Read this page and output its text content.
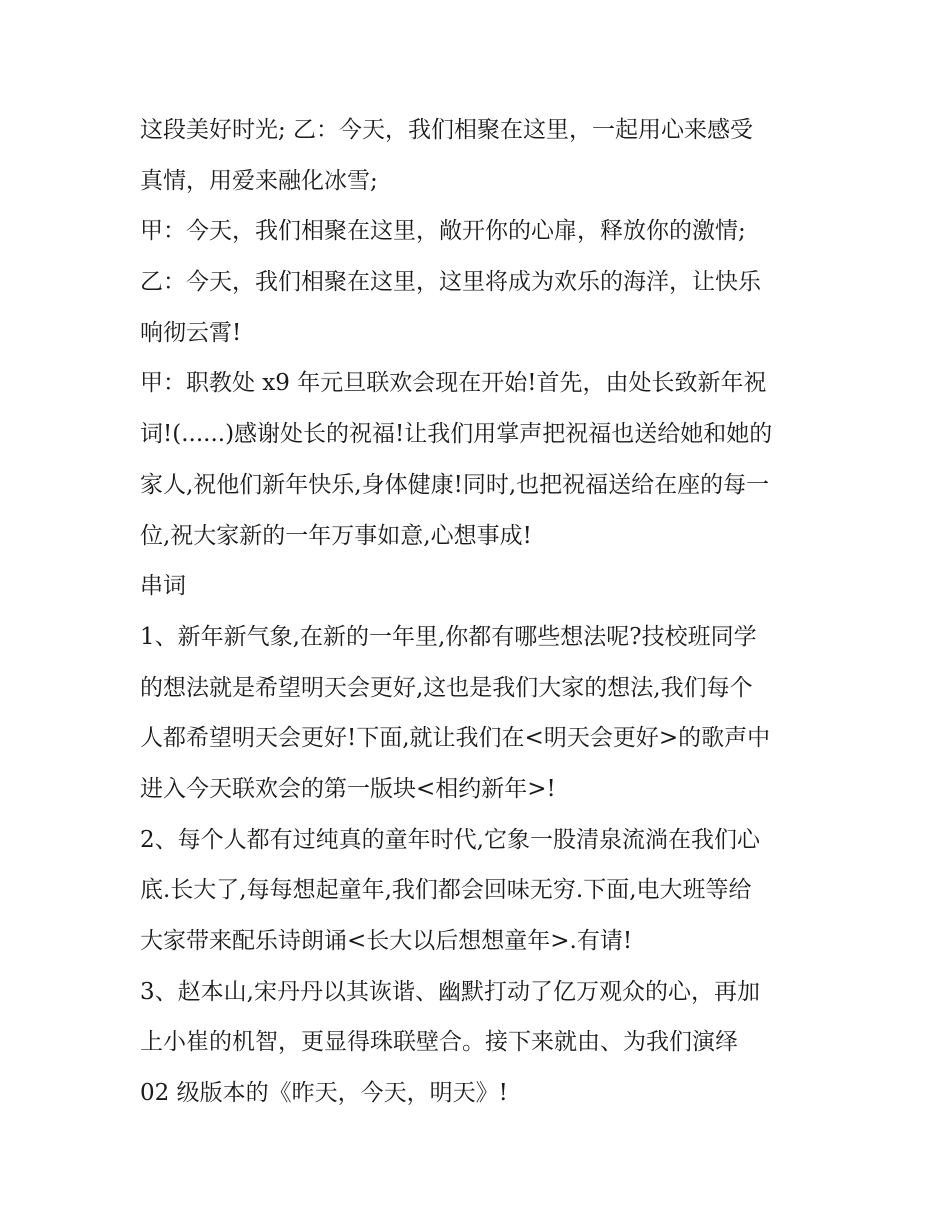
这段美好时光; 乙：今天，我们相聚在这里，一起用心来感受
真情，用爱来融化冰雪;
甲：今天，我们相聚在这里，敞开你的心扉，释放你的激情;
乙：今天，我们相聚在这里，这里将成为欢乐的海洋，让快乐
响彻云霄!
甲：职教处 x9 年元旦联欢会现在开始!首先，由处长致新年祝
词!(......)感谢处长的祝福!让我们用掌声把祝福也送给她和她的
家人,祝他们新年快乐,身体健康!同时,也把祝福送给在座的每一
位,祝大家新的一年万事如意,心想事成!
串词
1、新年新气象,在新的一年里,你都有哪些想法呢?技校班同学
的想法就是希望明天会更好,这也是我们大家的想法,我们每个
人都希望明天会更好!下面,就让我们在<明天会更好>的歌声中
进入今天联欢会的第一版块<相约新年>!
2、每个人都有过纯真的童年时代,它象一股清泉流淌在我们心
底.长大了,每每想起童年,我们都会回味无穷.下面,电大班等给
大家带来配乐诗朗诵<长大以后想想童年>.有请!
3、赵本山,宋丹丹以其诙谐、幽默打动了亿万观众的心，再加
上小崔的机智，更显得珠联壁合。接下来就由、为我们演绎
02 级版本的《昨天，今天，明天》!
